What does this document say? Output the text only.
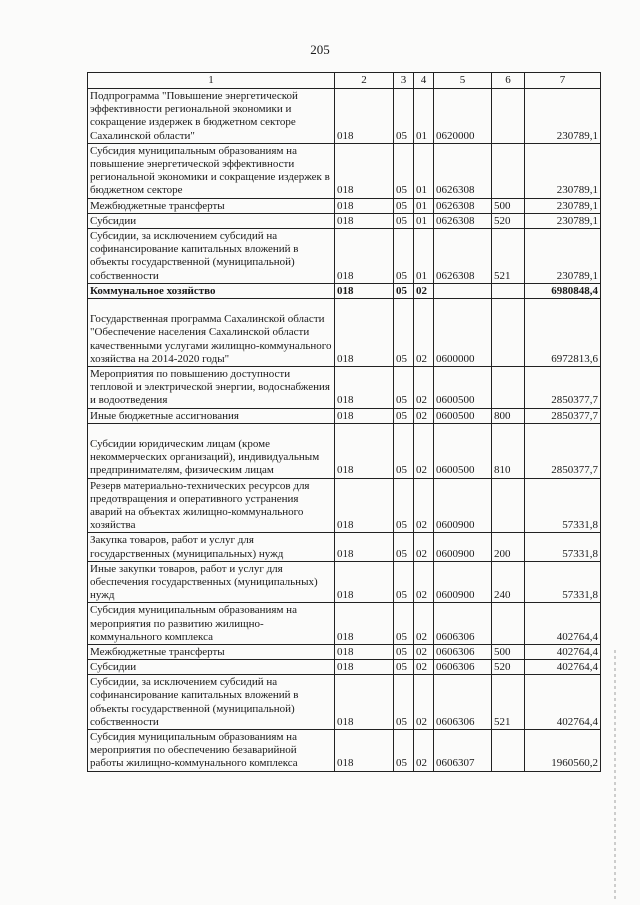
205
1	2	3	4	5	6	7
Подпрограмма "Повышение энергетической эффективности региональной экономики и сокращение издержек в бюджетном секторе Сахалинской области"	018	05	01	0620000		230789,1
Субсидия муниципальным образованиям на повышение энергетической эффективности региональной экономики и сокращение издержек в бюджетном секторе	018	05	01	0626308		230789,1
Межбюджетные трансферты	018	05	01	0626308	500	230789,1
Субсидии	018	05	01	0626308	520	230789,1
Субсидии, за исключением субсидий на софинансирование капитальных вложений в объекты государственной (муниципальной) собственности	018	05	01	0626308	521	230789,1
Коммунальное хозяйство	018	05	02			6980848,4
Государственная программа Сахалинской области "Обеспечение населения Сахалинской области качественными услугами жилищно-коммунального хозяйства на 2014-2020 годы"	018	05	02	0600000		6972813,6
Мероприятия по повышению доступности тепловой и электрической энергии, водоснабжения и водоотведения	018	05	02	0600500		2850377,7
Иные бюджетные ассигнования	018	05	02	0600500	800	2850377,7
Субсидии юридическим лицам (кроме некоммерческих организаций), индивидуальным предпринимателям, физическим лицам	018	05	02	0600500	810	2850377,7
Резерв материально-технических ресурсов для предотвращения и оперативного устранения аварий на объектах жилищно-коммунального хозяйства	018	05	02	0600900		57331,8
Закупка товаров, работ и услуг для государственных (муниципальных) нужд	018	05	02	0600900	200	57331,8
Иные закупки товаров, работ и услуг для обеспечения государственных (муниципальных) нужд	018	05	02	0600900	240	57331,8
Субсидия муниципальным образованиям на мероприятия по развитию жилищно-коммунального комплекса	018	05	02	0606306		402764,4
Межбюджетные трансферты	018	05	02	0606306	500	402764,4
Субсидии	018	05	02	0606306	520	402764,4
Субсидии, за исключением субсидий на софинансирование капитальных вложений в объекты государственной (муниципальной) собственности	018	05	02	0606306	521	402764,4
Субсидия муниципальным образованиям на мероприятия по обеспечению безаварийной работы жилищно-коммунального комплекса	018	05	02	0606307		1960560,2
